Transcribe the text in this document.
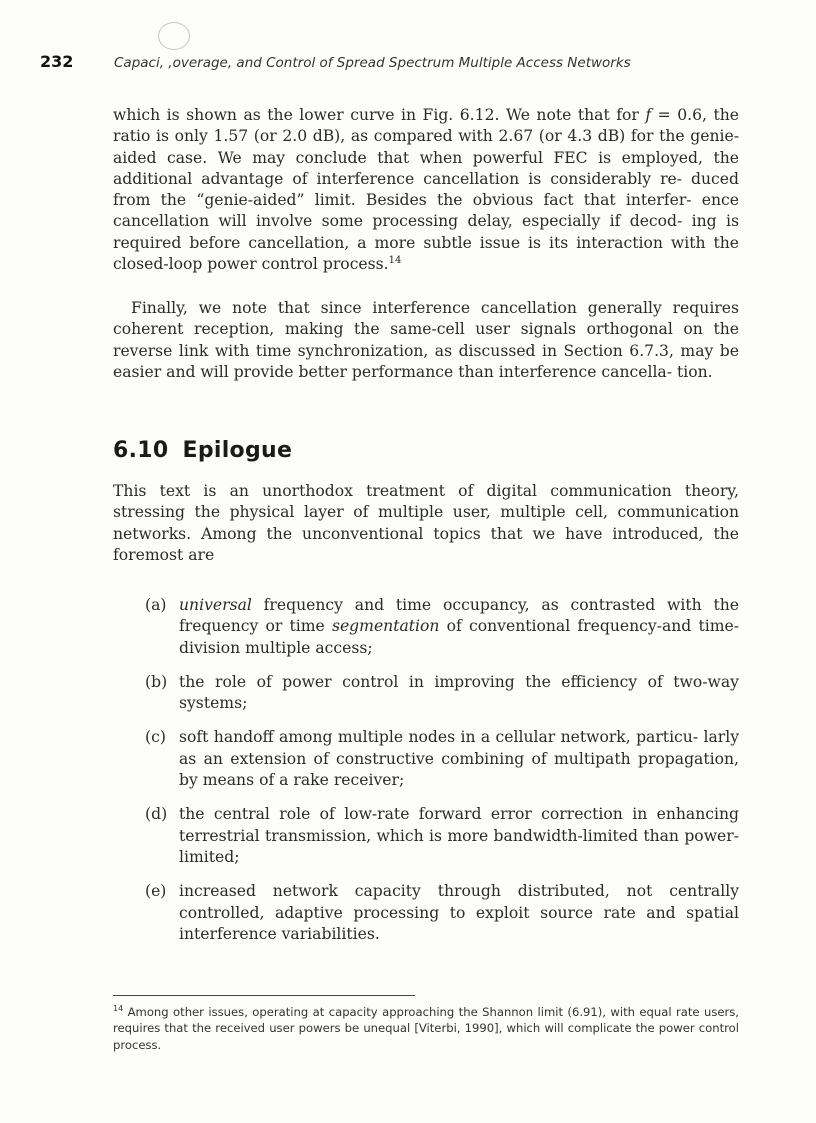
232	Capaci, ,overage, and Control of Spread Spectrum Multiple Access Networks

which is shown as the lower curve in Fig. 6.12. We note that for f = 0.6, the ratio is only 1.57 (or 2.0 dB), as compared with 2.67 (or 4.3 dB) for the genie-aided case. We may conclude that when powerful FEC is employed, the additional advantage of interference cancellation is considerably re- duced from the “genie-aided” limit. Besides the obvious fact that interfer- ence cancellation will involve some processing delay, especially if decod- ing is required before cancellation, a more subtle issue is its interaction with the closed-loop power control process.$^{14}$

Finally, we note that since interference cancellation generally requires coherent reception, making the same-cell user signals orthogonal on the reverse link with time synchronization, as discussed in Section 6.7.3, may be easier and will provide better performance than interference cancella- tion.

6.10 Epilogue

This text is an unorthodox treatment of digital communication theory, stressing the physical layer of multiple user, multiple cell, communication networks. Among the unconventional topics that we have introduced, the foremost are

(a) universal frequency and time occupancy, as contrasted with the frequency or time segmentation of conventional frequency-and time-division multiple access;
(b) the role of power control in improving the efficiency of two-way systems;
(c) soft handoff among multiple nodes in a cellular network, particu- larly as an extension of constructive combining of multipath propagation, by means of a rake receiver;
(d) the central role of low-rate forward error correction in enhancing terrestrial transmission, which is more bandwidth-limited than power-limited;
(e) increased network capacity through distributed, not centrally controlled, adaptive processing to exploit source rate and spatial interference variabilities.

$^{14}$ Among other issues, operating at capacity approaching the Shannon limit (6.91), with equal rate users, requires that the received user powers be unequal [Viterbi, 1990], which will complicate the power control process.
